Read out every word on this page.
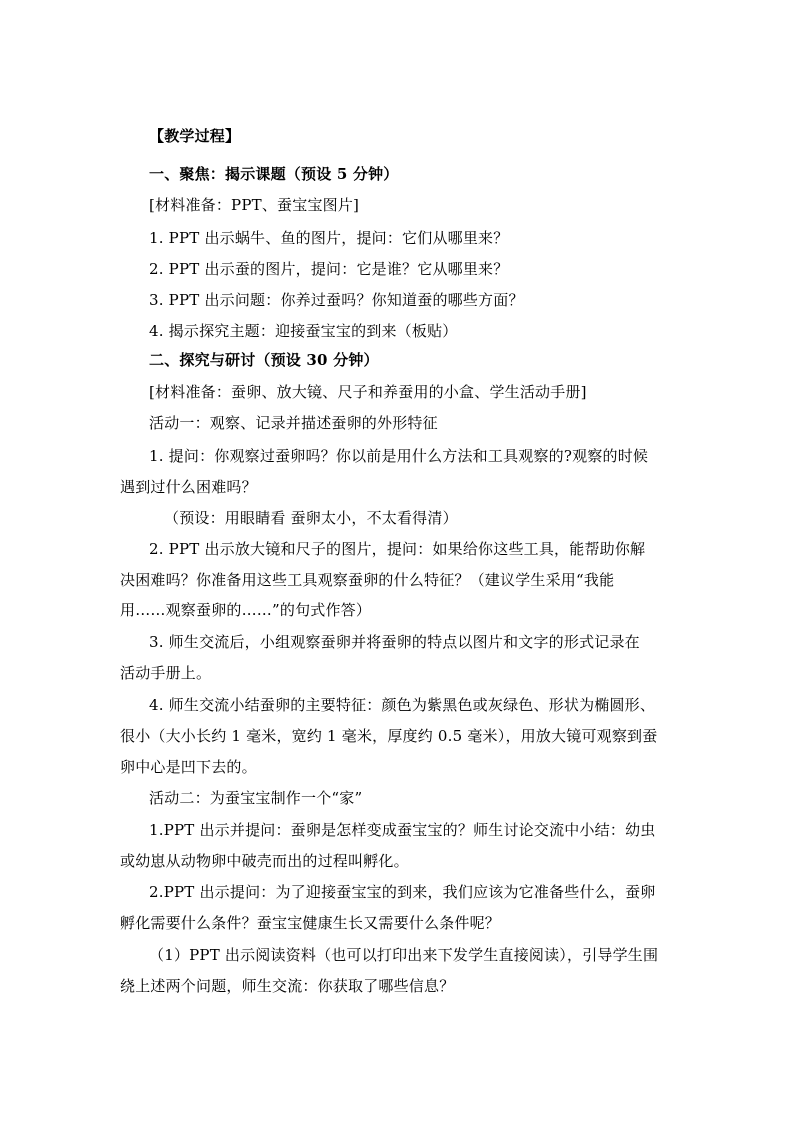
【教学过程】
一、聚焦：揭示课题（预设 5 分钟）
[材料准备：PPT、蚕宝宝图片]
1. PPT 出示蜗牛、鱼的图片，提问：它们从哪里来？
2. PPT 出示蚕的图片，提问：它是谁？它从哪里来？
3. PPT 出示问题：你养过蚕吗？你知道蚕的哪些方面？
4. 揭示探究主题：迎接蚕宝宝的到来（板贴）
二、探究与研讨（预设 30 分钟）
[材料准备：蚕卵、放大镜、尺子和养蚕用的小盒、学生活动手册]
活动一：观察、记录并描述蚕卵的外形特征
1. 提问：你观察过蚕卵吗？你以前是用什么方法和工具观察的?观察的时候
遇到过什么困难吗？
（预设：用眼睛看 蚕卵太小，不太看得清）
2. PPT 出示放大镜和尺子的图片，提问：如果给你这些工具，能帮助你解
决困难吗？你准备用这些工具观察蚕卵的什么特征？（建议学生采用“我能
用……观察蚕卵的……”的句式作答）
3. 师生交流后，小组观察蚕卵并将蚕卵的特点以图片和文字的形式记录在
活动手册上。
4. 师生交流小结蚕卵的主要特征：颜色为紫黑色或灰绿色、形状为椭圆形、
很小（大小长约 1 毫米，宽约 1 毫米，厚度约 0.5 毫米），用放大镜可观察到蚕
卵中心是凹下去的。
活动二：为蚕宝宝制作一个“家”
1.PPT 出示并提问：蚕卵是怎样变成蚕宝宝的？师生讨论交流中小结：幼虫
或幼崽从动物卵中破壳而出的过程叫孵化。
2.PPT 出示提问：为了迎接蚕宝宝的到来，我们应该为它准备些什么，蚕卵
孵化需要什么条件？蚕宝宝健康生长又需要什么条件呢？
（1）PPT 出示阅读资料（也可以打印出来下发学生直接阅读），引导学生围
绕上述两个问题，师生交流：你获取了哪些信息？
